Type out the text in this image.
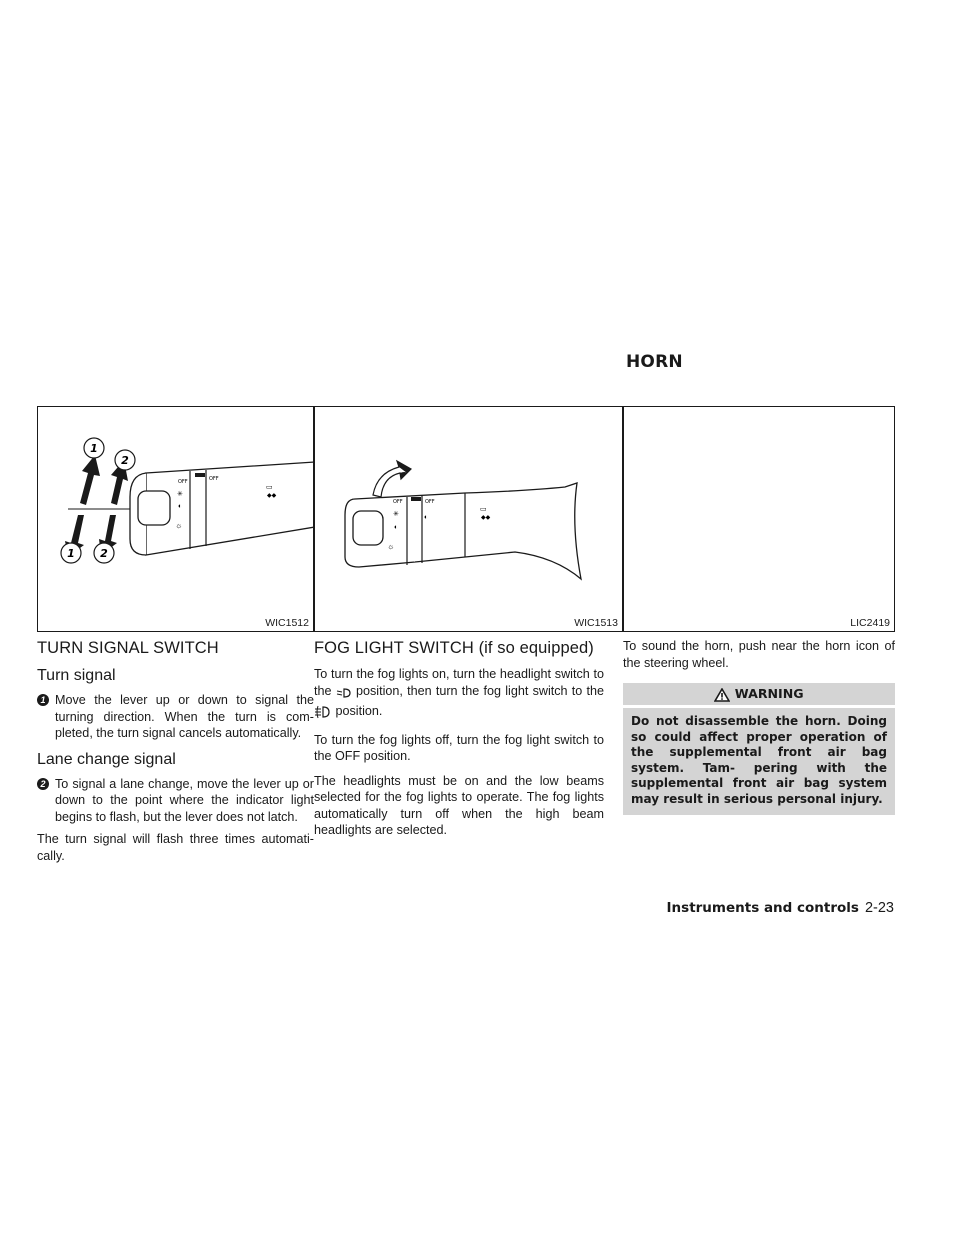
HORN
OFF	OFF
✳
◐
☼
▭
◆◆
1
2
1 2
WIC1512
OFF	OFF
✳
◐
◐
☼
▭
◆◆
WIC1513	LIC2419
TURN SIGNAL SWITCH
Turn signal
1 Move the lever up or down to signal the turning direction. When the turn is com- pleted, the turn signal cancels automatically.
Lane change signal
2 To signal a lane change, move the lever up or down to the point where the indicator light begins to flash, but the lever does not latch.

The turn signal will flash three times automati- cally.

FOG LIGHT SWITCH (if so equipped)

To turn the fog lights on, turn the headlight switch to the position, then turn the fog light switch to the  position.

To turn the fog lights off, turn the fog light switch to the OFF position.

The headlights must be on and the low beams selected for the fog lights to operate. The fog lights automatically turn off when the high beam headlights are selected.

To sound the horn, push near the horn icon of the steering wheel.

WARNING
Do not disassemble the horn. Doing so could affect proper operation of the supplemental front air bag system. Tam- pering with the supplemental front air bag system may result in serious personal injury.
Instruments and controls 2-23
